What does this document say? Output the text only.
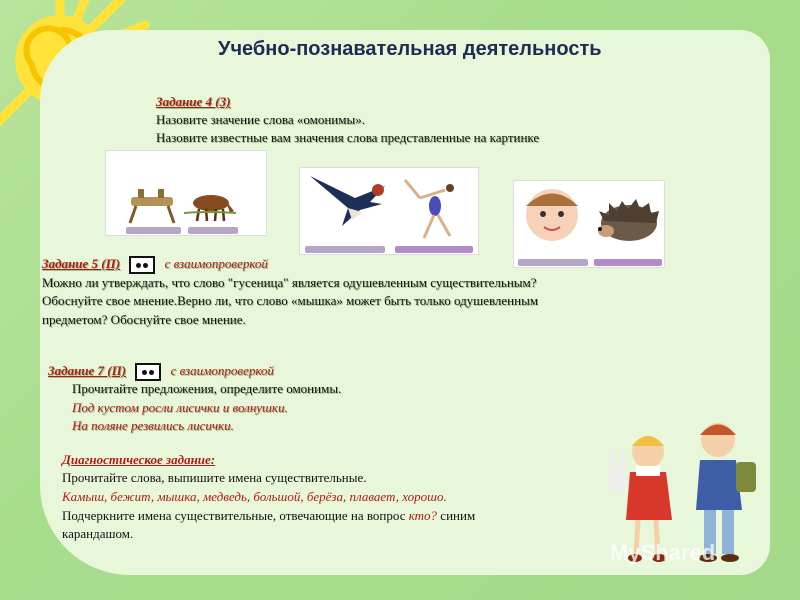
Учебно-познавательная деятельность
Задание 4 (З)
Назовите значение слова «омонимы».
Назовите известные вам значения слова представленные на картинке
Задание 5 (П)	с взаимопроверкой
Можно ли утверждать, что слово "гусеница" является одушевленным существительным?
Обоснуйте свое мнение.Верно ли, что слово «мышка» может быть только одушевленным
предметом? Обоснуйте свое мнение.
Задание 7 (П)	с взаимопроверкой
Прочитайте предложения, определите омонимы.
Под кустом росли лисички и волнушки.
На поляне резвились лисички.
Диагностическое задание:
Прочитайте слова, выпишите имена существительные.
Камыш, бежит, мышка, медведь, большой, берёза, плавает, хорошо.
Подчеркните имена существительные, отвечающие на вопрос кто? синим
карандашом.
MyShared
